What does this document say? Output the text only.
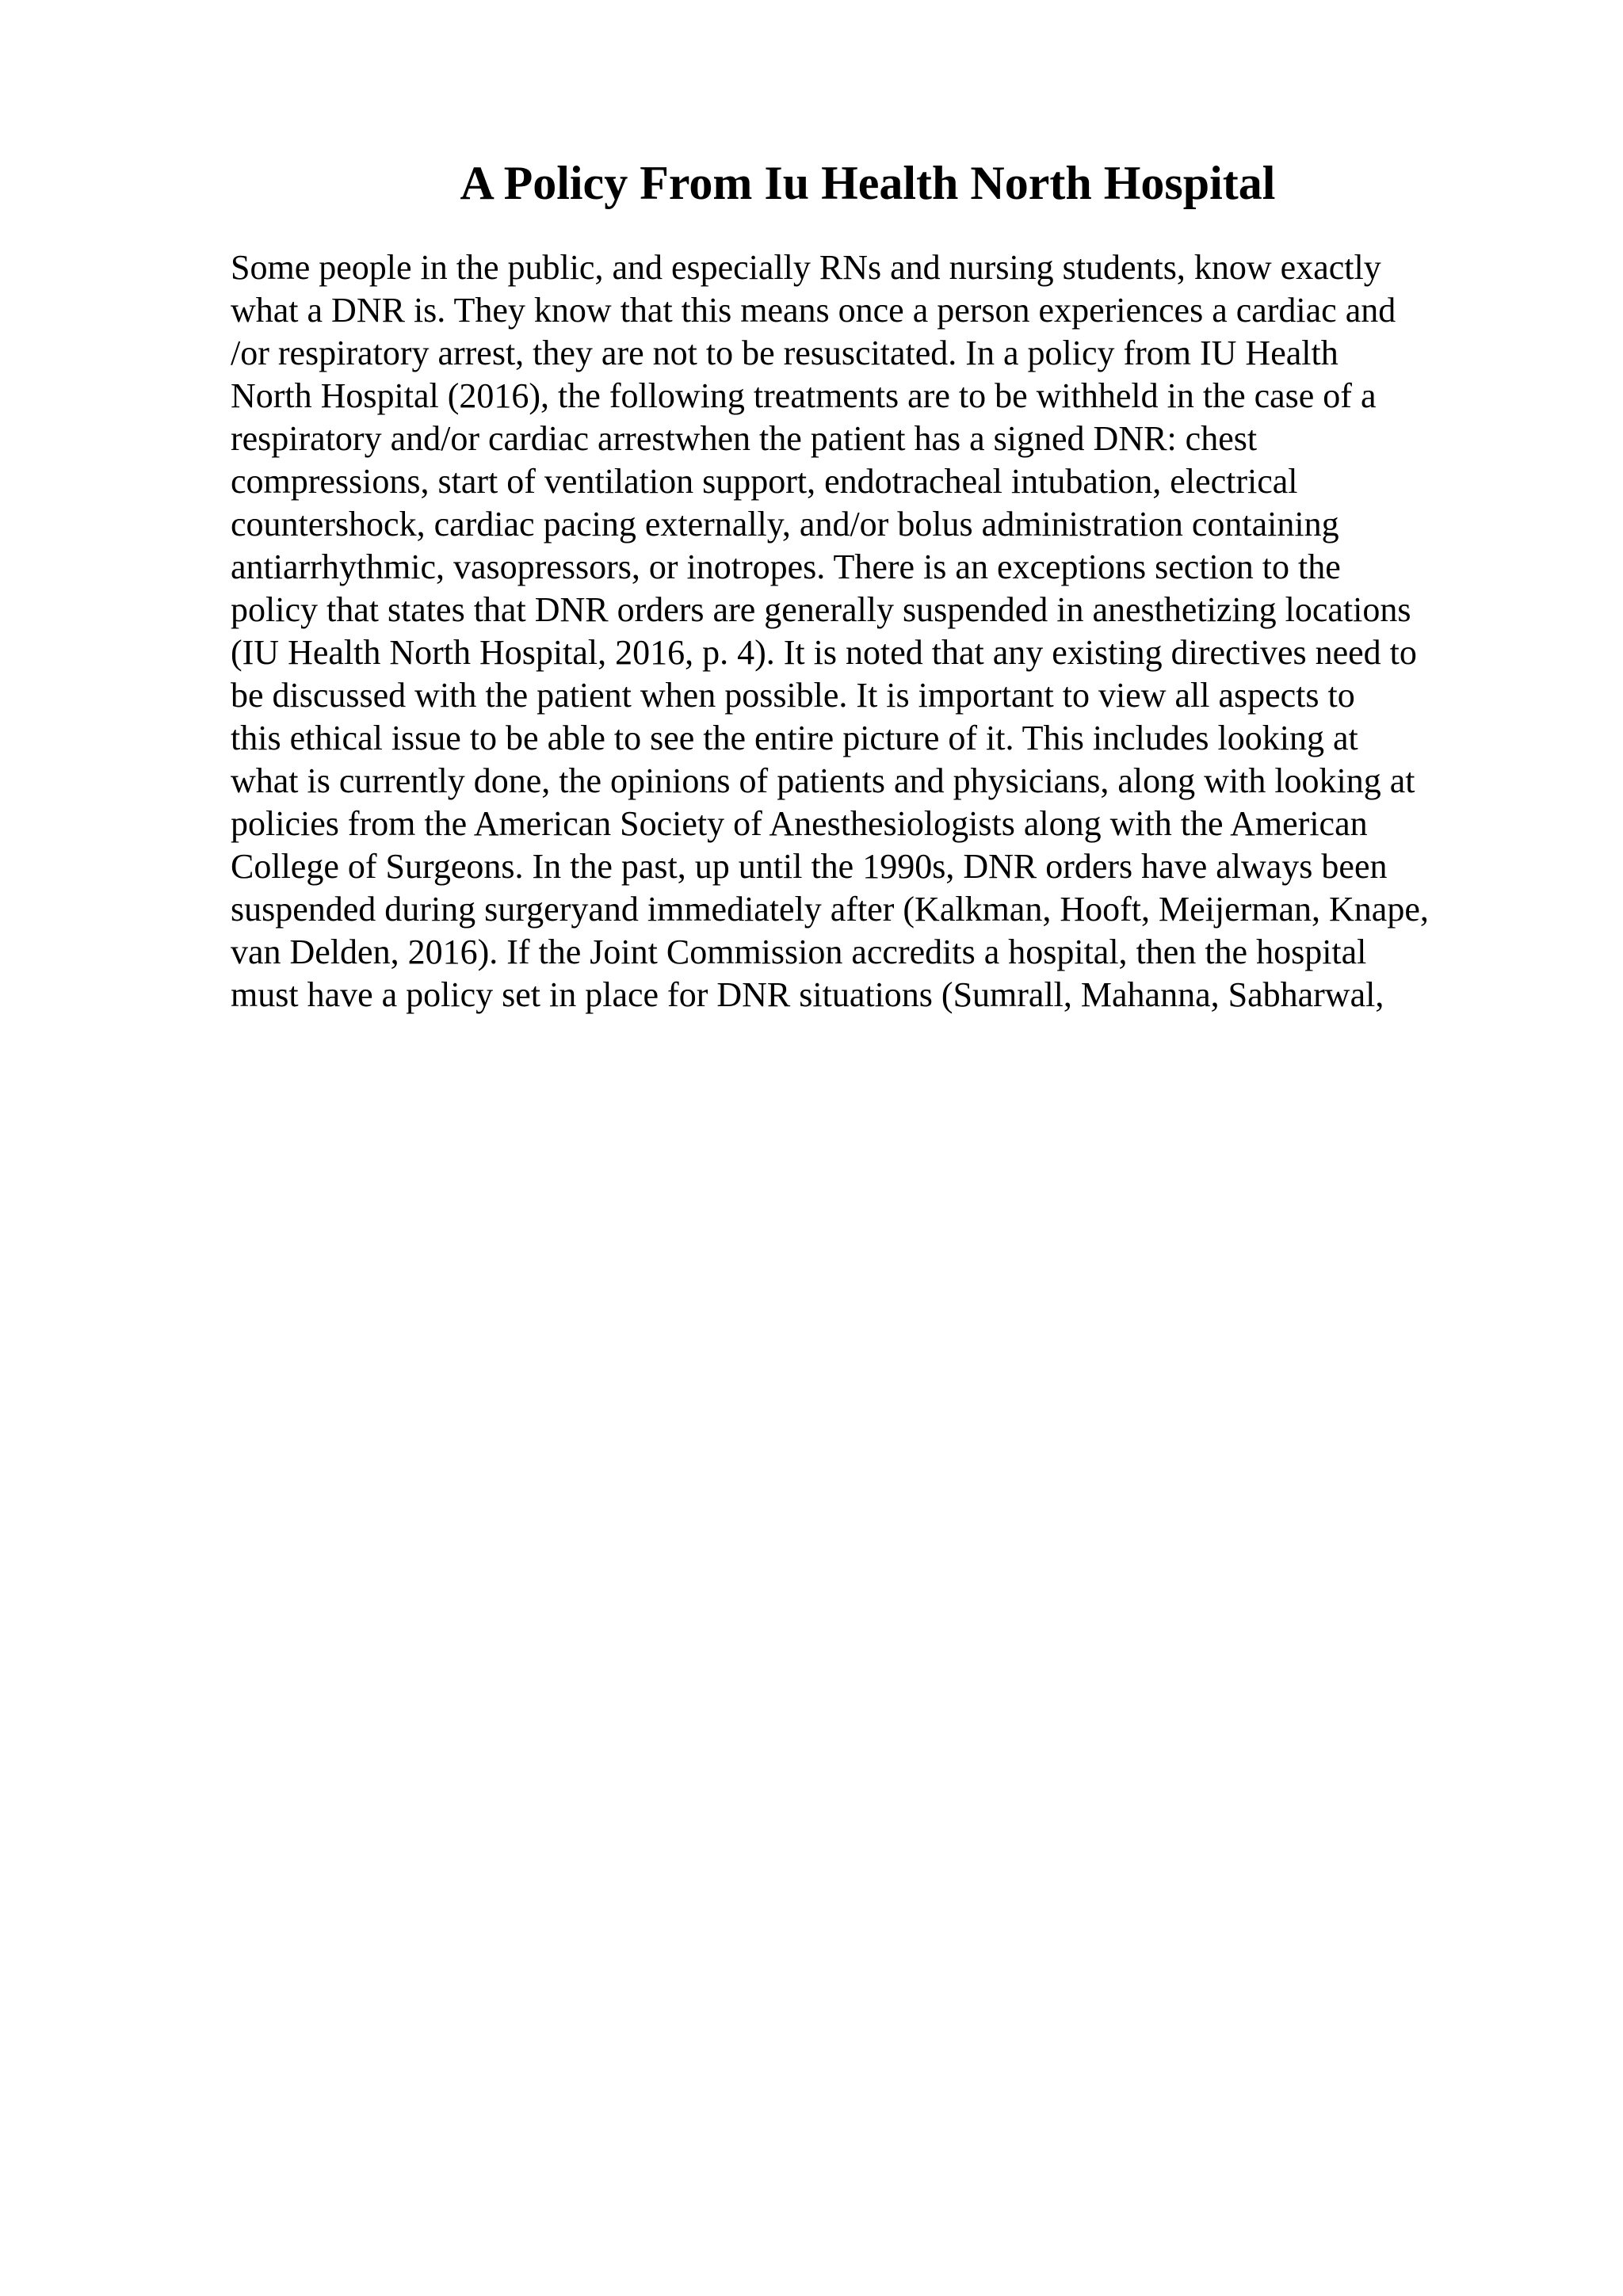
A Policy From Iu Health North Hospital
Some people in the public, and especially RNs and nursing students, know exactly
what a DNR is. They know that this means once a person experiences a cardiac and
/or respiratory arrest, they are not to be resuscitated. In a policy from IU Health
North Hospital (2016), the following treatments are to be withheld in the case of a
respiratory and/or cardiac arrestwhen the patient has a signed DNR: chest
compressions, start of ventilation support, endotracheal intubation, electrical
countershock, cardiac pacing externally, and/or bolus administration containing
antiarrhythmic, vasopressors, or inotropes. There is an exceptions section to the
policy that states that DNR orders are generally suspended in anesthetizing locations
(IU Health North Hospital, 2016, p. 4). It is noted that any existing directives need to
be discussed with the patient when possible. It is important to view all aspects to
this ethical issue to be able to see the entire picture of it. This includes looking at
what is currently done, the opinions of patients and physicians, along with looking at
policies from the American Society of Anesthesiologists along with the American
College of Surgeons. In the past, up until the 1990s, DNR orders have always been
suspended during surgeryand immediately after (Kalkman, Hooft, Meijerman, Knape,
van Delden, 2016). If the Joint Commission accredits a hospital, then the hospital
must have a policy set in place for DNR situations (Sumrall, Mahanna, Sabharwal,
